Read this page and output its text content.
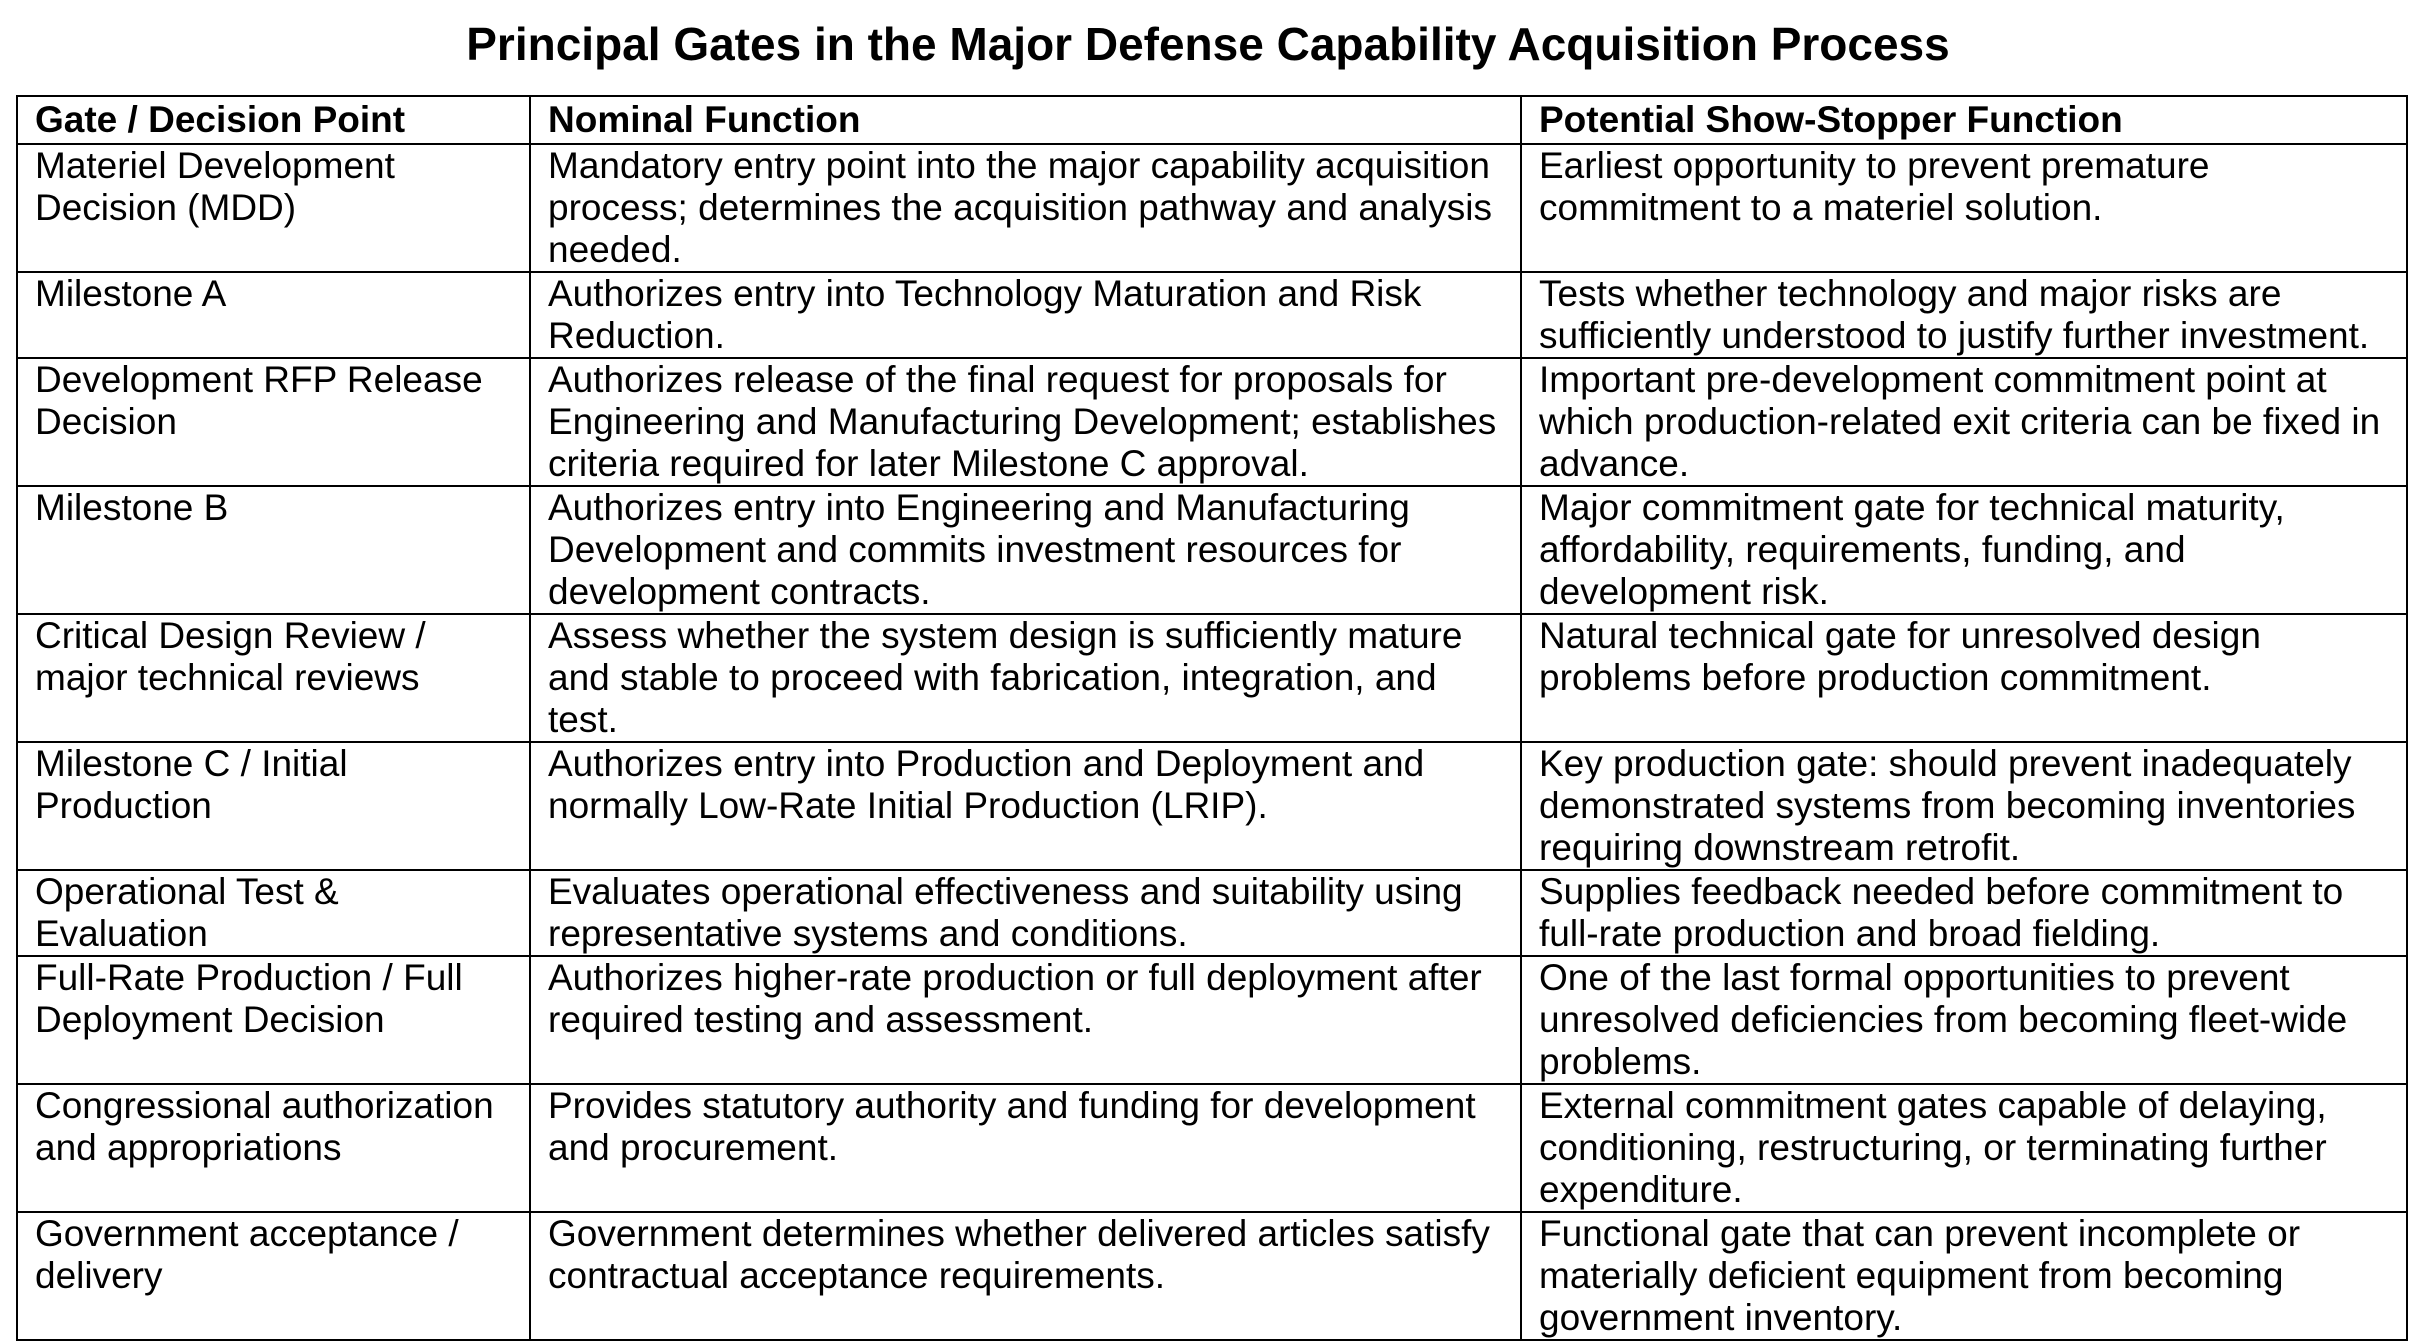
Principal Gates in the Major Defense Capability Acquisition Process
Gate / Decision Point	Nominal Function	Potential Show-Stopper Function

Materiel Development
Decision (MDD)	Mandatory entry point into the major capability acquisition
process; determines the acquisition pathway and analysis
needed.	Earliest opportunity to prevent premature
commitment to a materiel solution.

Milestone A	Authorizes entry into Technology Maturation and Risk
Reduction.	Tests whether technology and major risks are
sufficiently understood to justify further investment.

Development RFP Release
Decision	Authorizes release of the final request for proposals for
Engineering and Manufacturing Development; establishes
criteria required for later Milestone C approval.	Important pre-development commitment point at
which production-related exit criteria can be fixed in
advance.

Milestone B	Authorizes entry into Engineering and Manufacturing
Development and commits investment resources for
development contracts.	Major commitment gate for technical maturity,
affordability, requirements, funding, and
development risk.

Critical Design Review /
major technical reviews	Assess whether the system design is sufficiently mature
and stable to proceed with fabrication, integration, and
test.	Natural technical gate for unresolved design
problems before production commitment.

Milestone C / Initial
Production	Authorizes entry into Production and Deployment and
normally Low-Rate Initial Production (LRIP).	Key production gate: should prevent inadequately
demonstrated systems from becoming inventories
requiring downstream retrofit.

Operational Test &
Evaluation	Evaluates operational effectiveness and suitability using
representative systems and conditions.	Supplies feedback needed before commitment to
full-rate production and broad fielding.

Full-Rate Production / Full
Deployment Decision	Authorizes higher-rate production or full deployment after
required testing and assessment.	One of the last formal opportunities to prevent
unresolved deficiencies from becoming fleet-wide
problems.

Congressional authorization
and appropriations	Provides statutory authority and funding for development
and procurement.	External commitment gates capable of delaying,
conditioning, restructuring, or terminating further
expenditure.

Government acceptance /
delivery	Government determines whether delivered articles satisfy
contractual acceptance requirements.	Functional gate that can prevent incomplete or
materially deficient equipment from becoming
government inventory.
